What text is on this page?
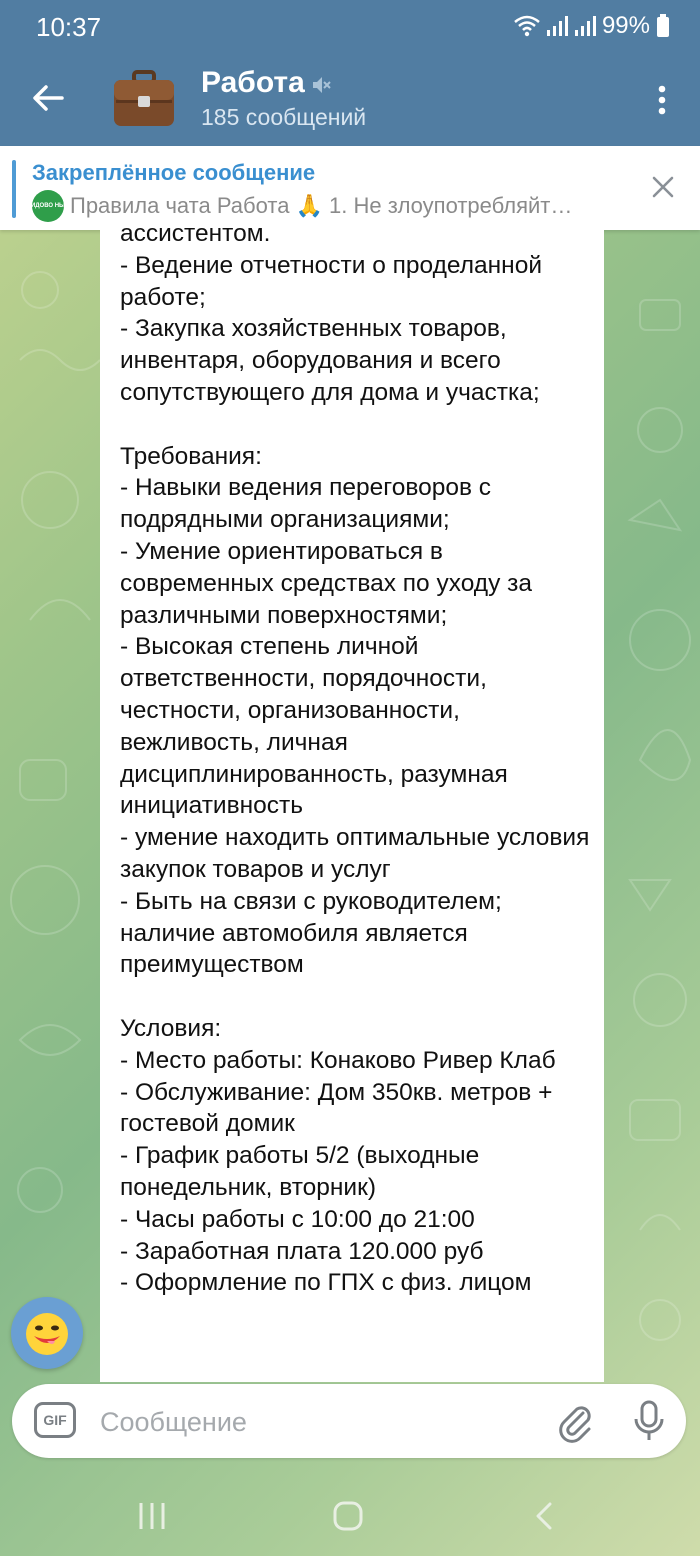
10:37	99%
Работа
185 сообщений
Закреплённое сообщение
ЗАВИДОВО НЫНЧЕ
Правила чата Работа 🙏 1. Не злоупотребляйт…

ассистентом.
- Ведение отчетности о проделанной работе;
- Закупка хозяйственных товаров, инвентаря, оборудования и всего сопутствующего для дома и участка;

Требования:
- Навыки ведения переговоров с подрядными организациями;
- Умение ориентироваться в современных средствах по уходу за различными поверхностями;
- Высокая степень личной ответственности, порядочности, честности, организованности, вежливость, личная дисциплинированность, разумная инициативность
- умение находить оптимальные условия закупок товаров и услуг
- Быть на связи с руководителем; наличие автомобиля является преимуществом

Условия:
- Место работы: Конаково Ривер Клаб
- Обслуживание: Дом 350кв. метров + гостевой домик
- График работы 5/2 (выходные понедельник, вторник)
- Часы работы с 10:00 до 21:00
- Заработная плата 120.000 руб
- Оформление по ГПХ с физ. лицом

GIF
Сообщение
